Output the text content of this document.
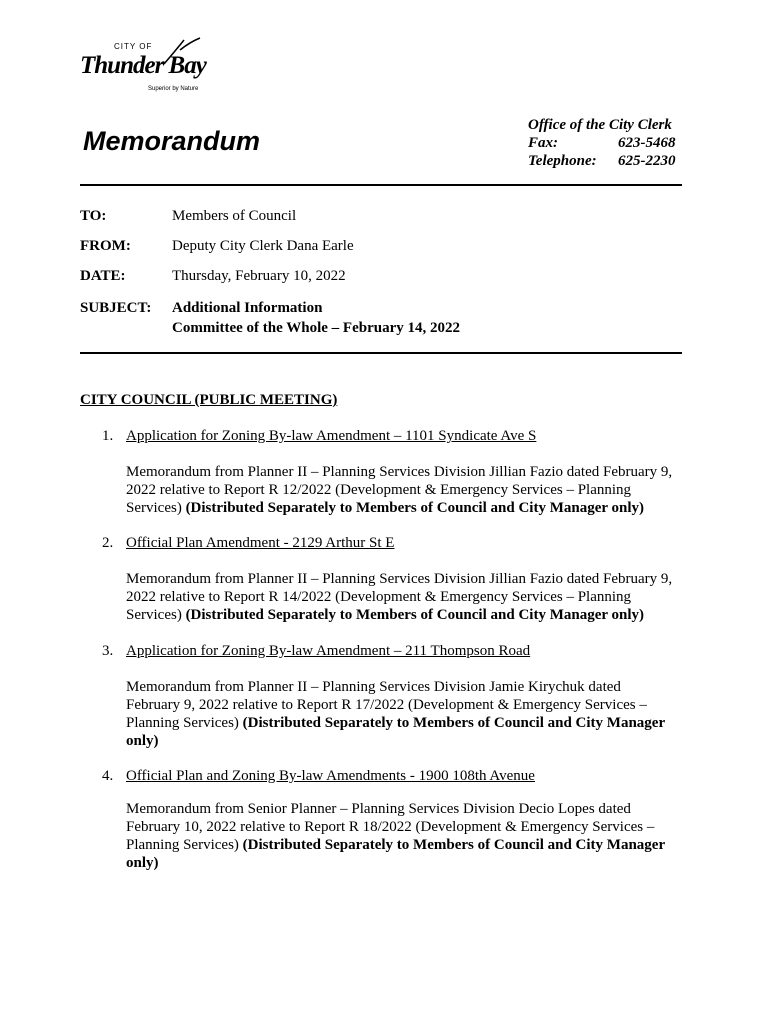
CITY OF
Thunder Bay
Superior by Nature
Memorandum
Office of the City Clerk
Fax:	623-5468
Telephone:	625-2230
TO:	Members of Council
FROM:	Deputy City Clerk Dana Earle
DATE:	Thursday, February 10, 2022
SUBJECT:	Additional Information
Committee of the Whole – February 14, 2022
CITY COUNCIL (PUBLIC MEETING)
1. Application for Zoning By-law Amendment – 1101 Syndicate Ave S
Memorandum from Planner II – Planning Services Division Jillian Fazio dated February 9,
2022 relative to Report R 12/2022 (Development & Emergency Services – Planning
Services) (Distributed Separately to Members of Council and City Manager only)
2. Official Plan Amendment - 2129 Arthur St E
Memorandum from Planner II – Planning Services Division Jillian Fazio dated February 9,
2022 relative to Report R 14/2022 (Development & Emergency Services – Planning
Services) (Distributed Separately to Members of Council and City Manager only)
3. Application for Zoning By-law Amendment – 211 Thompson Road
Memorandum from Planner II – Planning Services Division Jamie Kirychuk dated
February 9, 2022 relative to Report R 17/2022 (Development & Emergency Services –
Planning Services) (Distributed Separately to Members of Council and City Manager
only)
4. Official Plan and Zoning By-law Amendments - 1900 108th Avenue
Memorandum from Senior Planner – Planning Services Division Decio Lopes dated
February 10, 2022 relative to Report R 18/2022 (Development & Emergency Services –
Planning Services) (Distributed Separately to Members of Council and City Manager
only)
